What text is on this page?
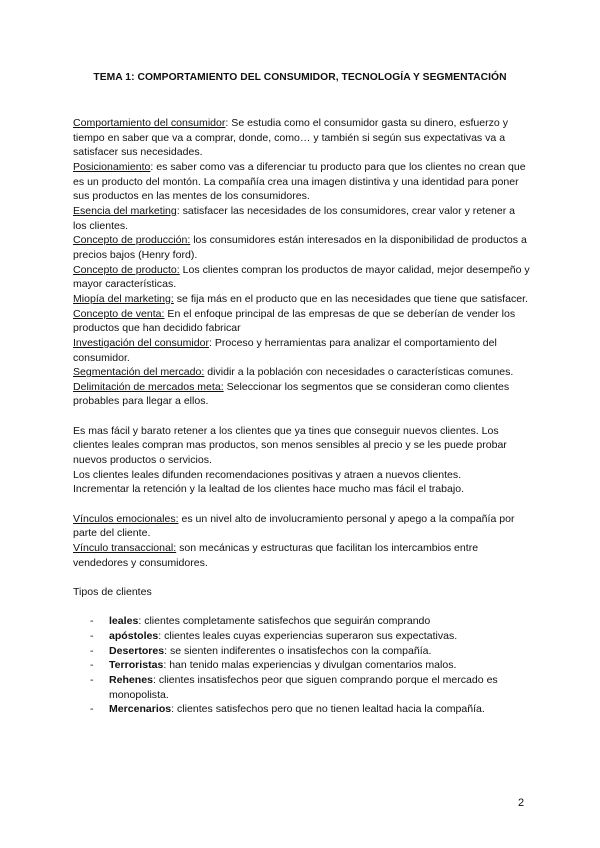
TEMA 1: COMPORTAMIENTO DEL CONSUMIDOR, TECNOLOGÍA Y SEGMENTACIÓN

Comportamiento del consumidor: Se estudia como el consumidor gasta su dinero, esfuerzo y tiempo en saber que va a comprar, donde, como… y también si según sus expectativas va a satisfacer sus necesidades.

Posicionamiento: es saber como vas a diferenciar tu producto para que los clientes no crean que es un producto del montón. La compañía crea una imagen distintiva y una identidad para poner sus productos en las mentes de los consumidores.

Esencia del marketing: satisfacer las necesidades de los consumidores, crear valor y retener a los clientes.

Concepto de producción: los consumidores están interesados en la disponibilidad de productos a precios bajos (Henry ford).

Concepto de producto: Los clientes compran los productos de mayor calidad, mejor desempeño y mayor características.

Miopía del marketing: se fija más en el producto que en las necesidades que tiene que satisfacer.

Concepto de venta: En el enfoque principal de las empresas de que se deberían de vender los productos que han decidido fabricar

Investigación del consumidor: Proceso y herramientas para analizar el comportamiento del consumidor.

Segmentación del mercado: dividir a la población con necesidades o características comunes.

Delimitación de mercados meta: Seleccionar los segmentos que se consideran como clientes probables para llegar a ellos.

Es mas fácil y barato retener a los clientes que ya tines que conseguir nuevos clientes. Los clientes leales compran mas productos, son menos sensibles al precio y se les puede probar nuevos productos o servicios.

Los clientes leales difunden recomendaciones positivas y atraen a nuevos clientes.

Incrementar la retención y la lealtad de los clientes hace mucho mas fácil el trabajo.

Vínculos emocionales: es un nivel alto de involucramiento personal y apego a la compañía por parte del cliente.

Vínculo transaccional: son mecánicas y estructuras que facilitan los intercambios entre vendedores y consumidores.

Tipos de clientes

- leales: clientes completamente satisfechos que seguirán comprando
- apóstoles: clientes leales cuyas experiencias superaron sus expectativas.
- Desertores: se sienten indiferentes o insatisfechos con la compañía.
- Terroristas: han tenido malas experiencias y divulgan comentarios malos.
- Rehenes: clientes insatisfechos peor que siguen comprando porque el mercado es monopolista.
- Mercenarios: clientes satisfechos pero que no tienen lealtad hacia la compañía.
2
